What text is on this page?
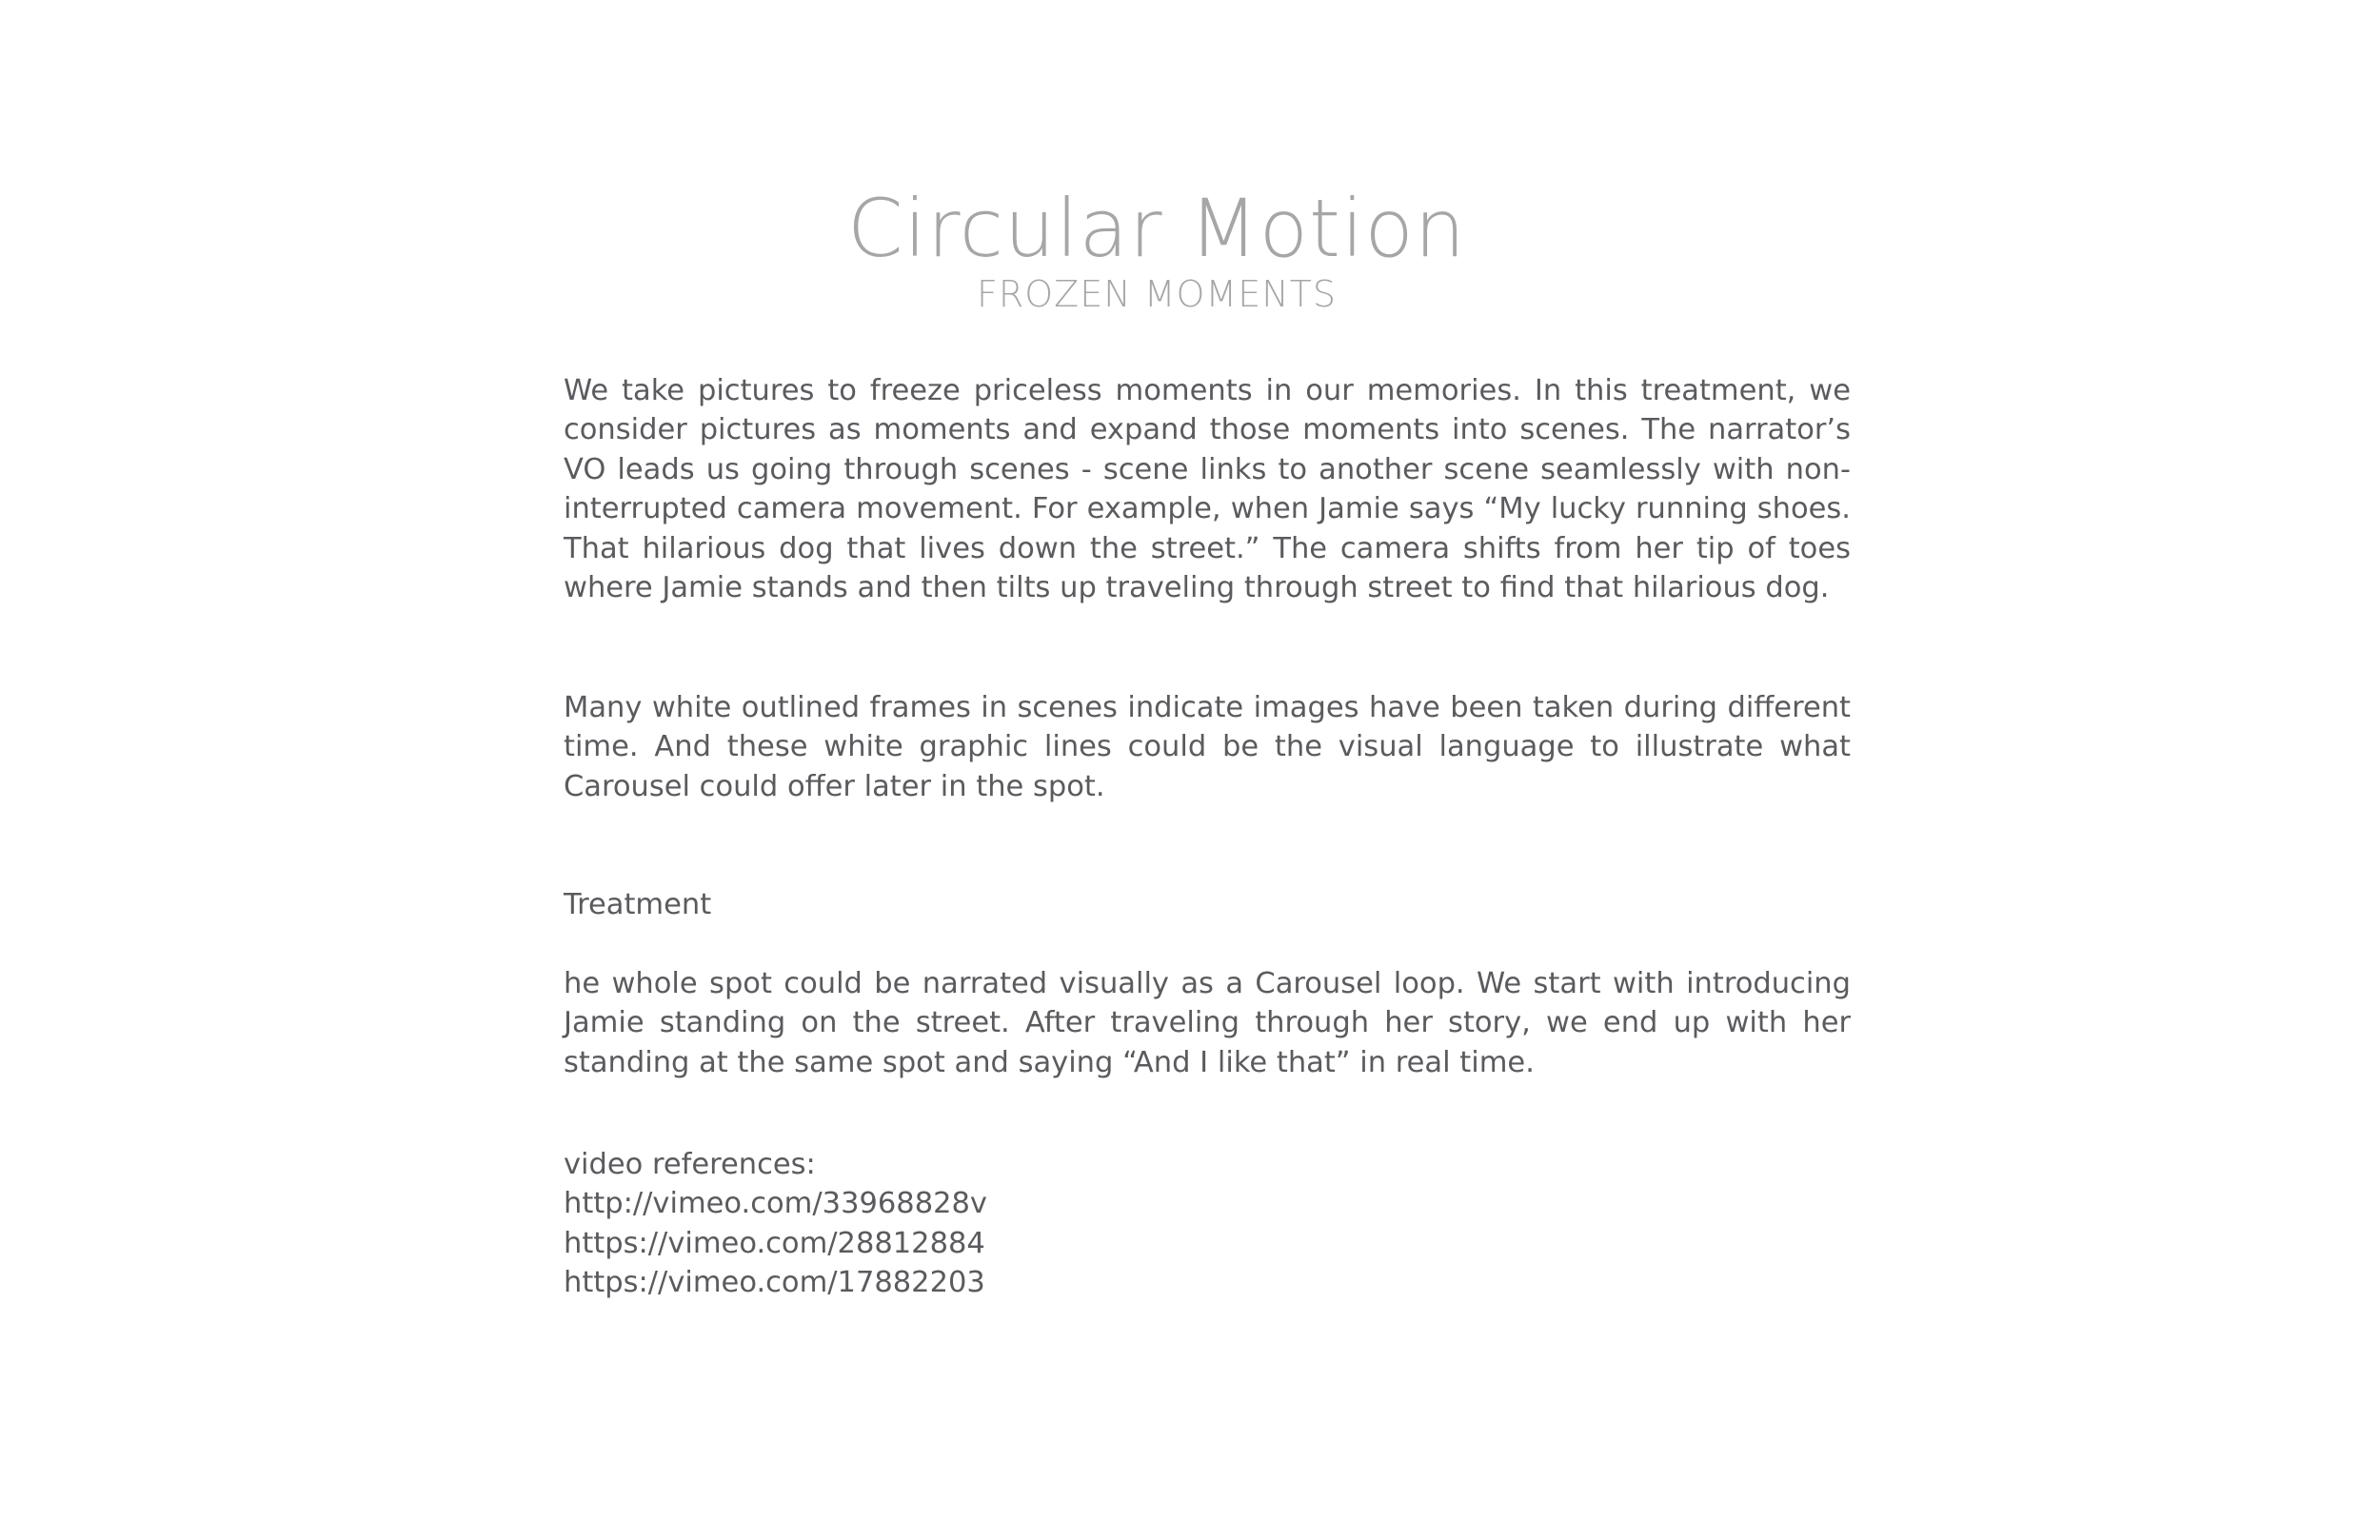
Circular Motion
FROZEN MOMENTS

We take pictures to freeze priceless moments in our memories. In this treatment, we consider pictures as moments and expand those moments into scenes. The narrator’s VO leads us going through scenes - scene links to another scene seamlessly with non-interrupted camera movement. For example, when Jamie says “My lucky running shoes. That hilarious dog that lives down the street.” The camera shifts from her tip of toes where Jamie stands and then tilts up traveling through street to find that hilarious dog.

Many white outlined frames in scenes indicate images have been taken during different time. And these white graphic lines could be the visual language to illustrate what Carousel could offer later in the spot.

Treatment

he whole spot could be narrated visually as a Carousel loop. We start with introducing Jamie standing on the street. After traveling through her story, we end up with her standing at the same spot and saying “And I like that” in real time.

video references:
http://vimeo.com/33968828v
https://vimeo.com/28812884
https://vimeo.com/17882203
